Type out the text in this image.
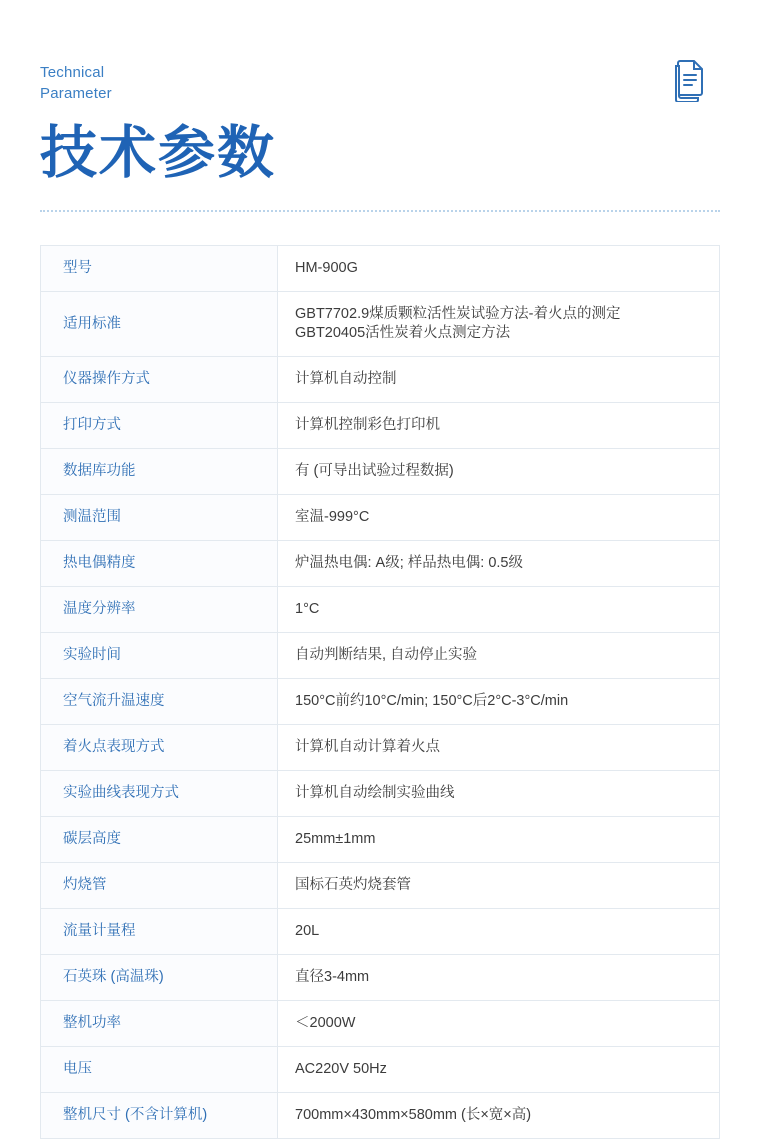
Technical
Parameter
技术参数
型号	HM-900G

适用标准	GBT7702.9煤质颗粒活性炭试验方法-着火点的测定
GBT20405活性炭着火点测定方法

仪器操作方式	计算机自动控制

打印方式	计算机控制彩色打印机

数据库功能	有 (可导出试验过程数据)

测温范围	室温-999°C

热电偶精度	炉温热电偶: A级; 样品热电偶: 0.5级

温度分辨率	1°C

实验时间	自动判断结果, 自动停止实验

空气流升温速度	150°C前约10°C/min; 150°C后2°C-3°C/min

着火点表现方式	计算机自动计算着火点

实验曲线表现方式	计算机自动绘制实验曲线

碳层高度	25mm±1mm

灼烧管	国标石英灼烧套管

流量计量程	20L

石英珠 (高温珠)	直径3-4mm

整机功率	＜2000W

电压	AC220V 50Hz

整机尺寸 (不含计算机)	700mm×430mm×580mm (长×宽×高)
